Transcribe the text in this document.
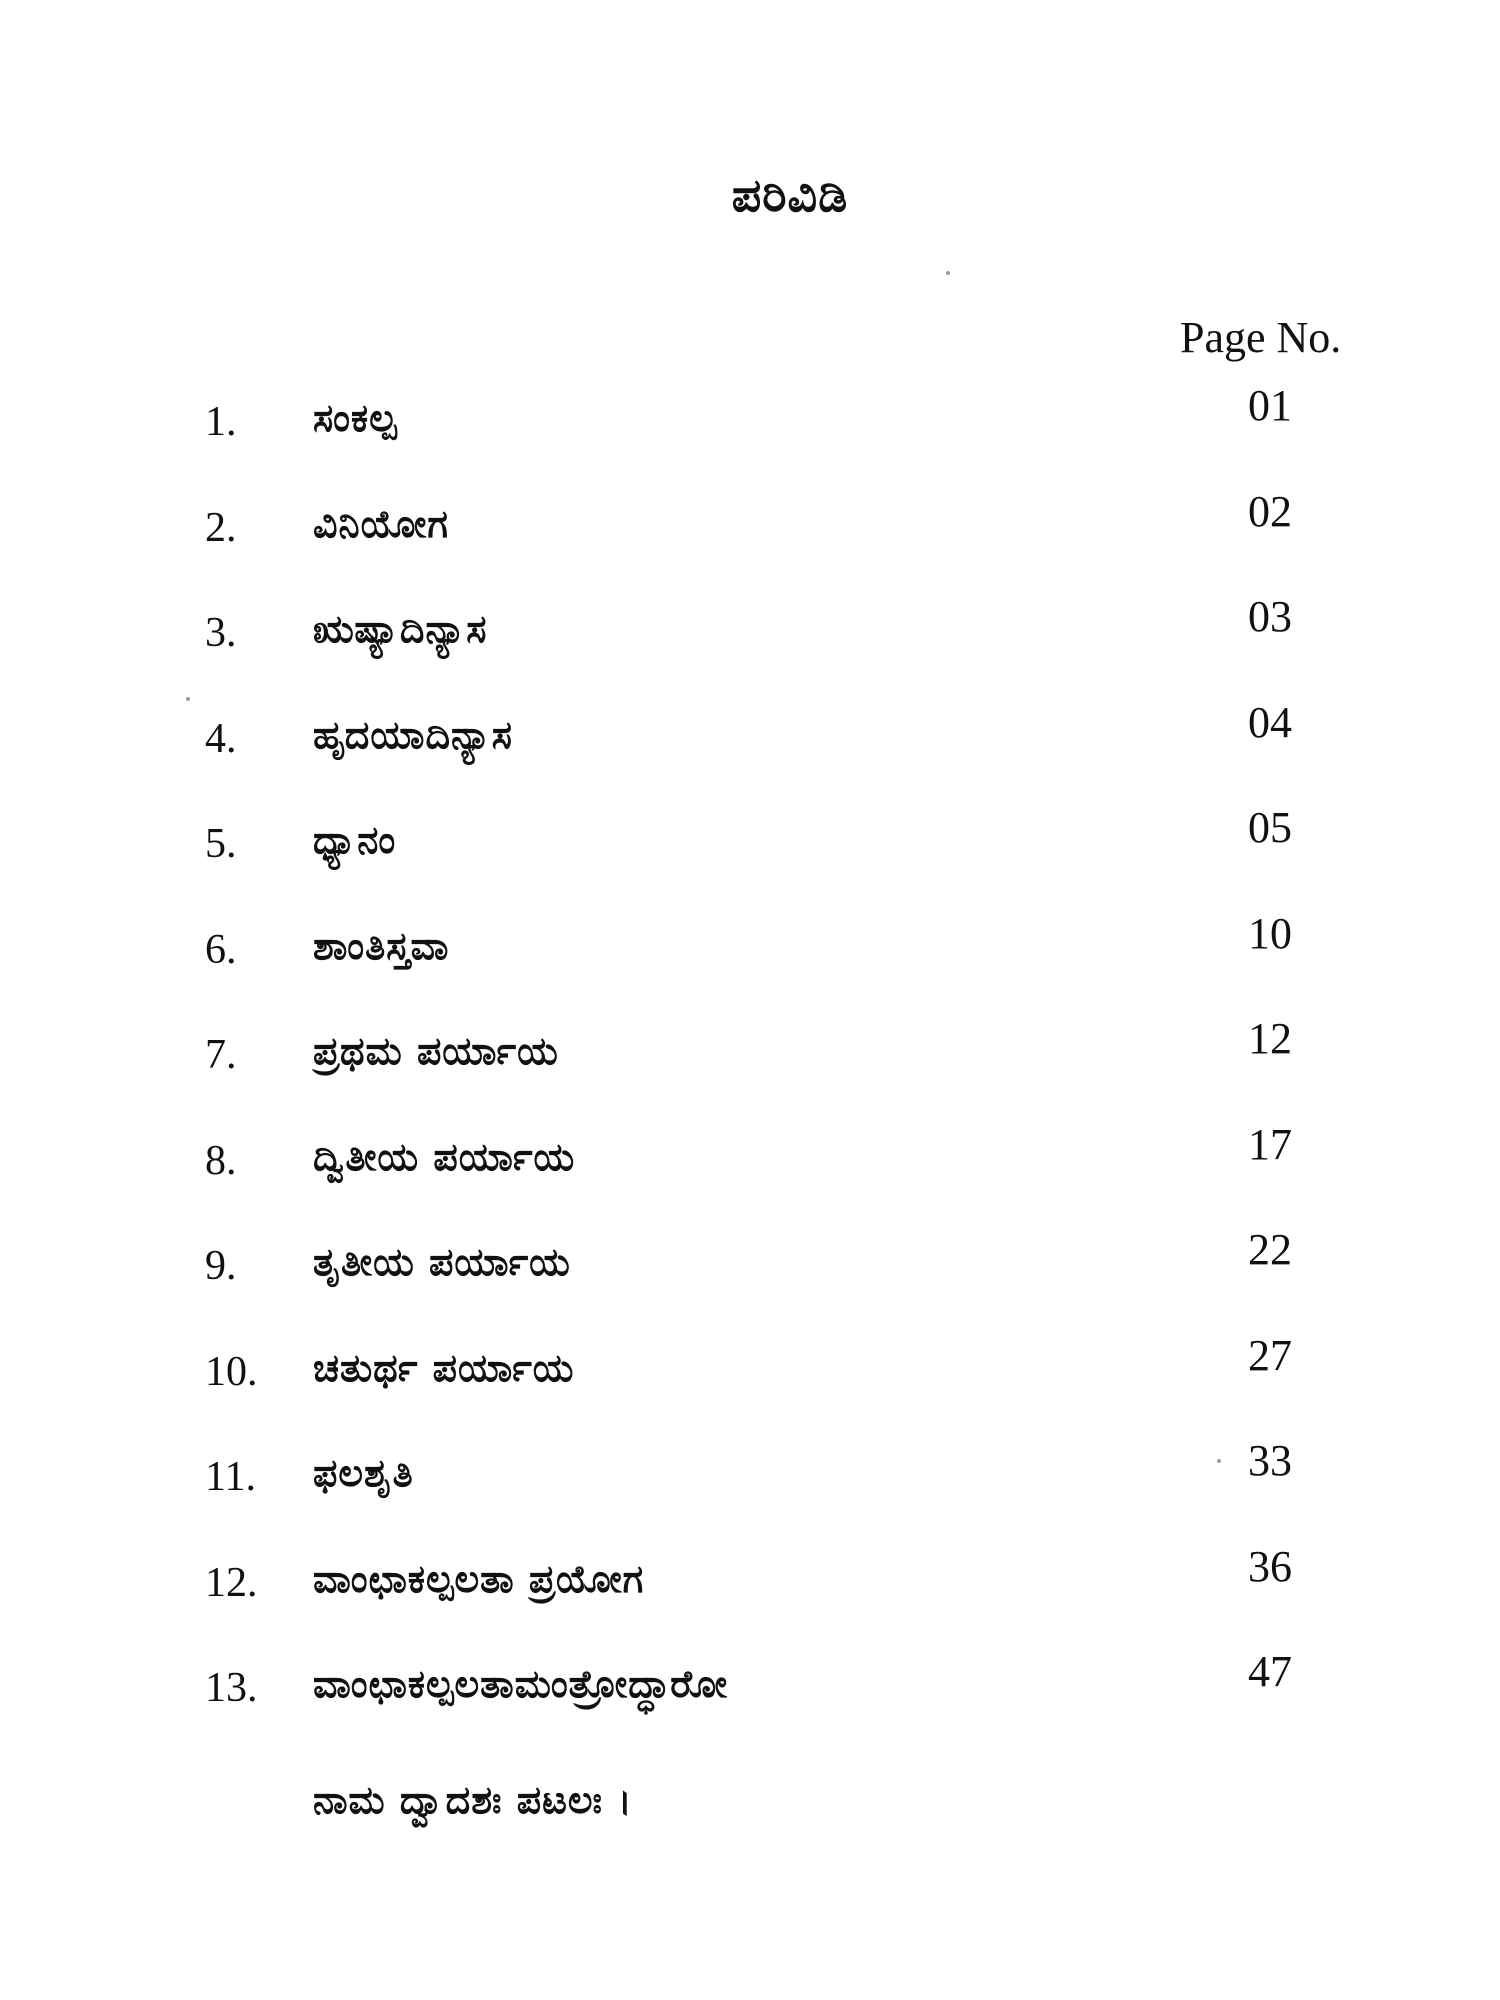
ಪರಿವಿಡಿ
Page No.
1. ಸಂಕಲ್ಪ	01
2. ವಿನಿಯೋಗ	02
3. ಋಷ್ಯಾದಿನ್ಯಾಸ	03
4. ಹೃದಯಾದಿನ್ಯಾಸ	04
5. ಧ್ಯಾನಂ	05
6. ಶಾಂತಿಸ್ತವಾ	10
7. ಪ್ರಥಮ ಪರ್ಯಾಯ	12
8. ದ್ವಿತೀಯ ಪರ್ಯಾಯ	17
9. ತೃತೀಯ ಪರ್ಯಾಯ	22
10. ಚತುರ್ಥ ಪರ್ಯಾಯ	27
11. ಫಲಶೃತಿ	33
12. ವಾಂಛಾಕಲ್ಪಲತಾ ಪ್ರಯೋಗ	36
13. ವಾಂಛಾಕಲ್ಪಲತಾಮಂತ್ರೋದ್ಧಾರೋ	47
ನಾಮ ದ್ವಾದಶಃ ಪಟಲಃ ।
